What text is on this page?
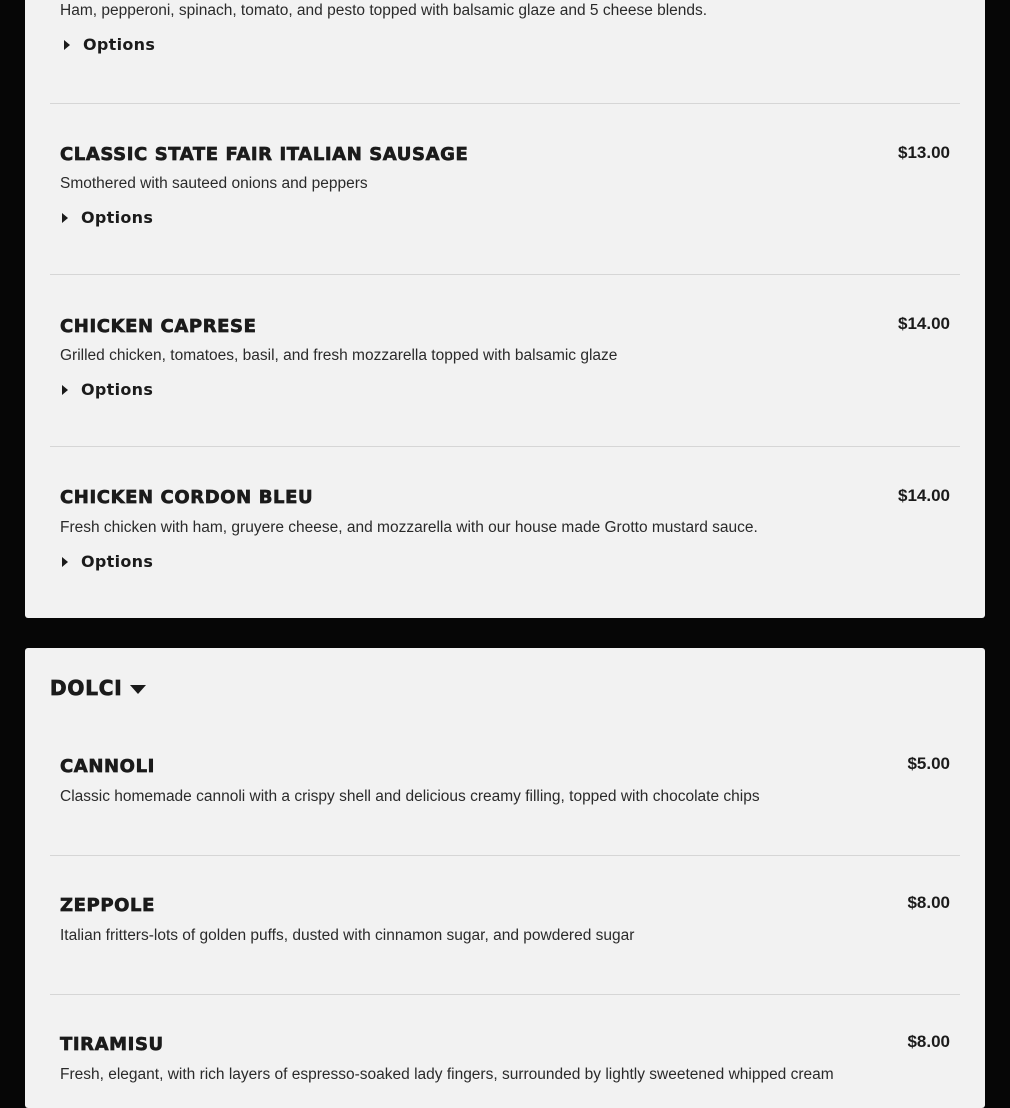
Ham, pepperoni, spinach, tomato, and pesto topped with balsamic glaze and 5 cheese blends.
Options
CLASSIC STATE FAIR ITALIAN SAUSAGE	$13.00
Smothered with sauteed onions and peppers
Options
CHICKEN CAPRESE	$14.00
Grilled chicken, tomatoes, basil, and fresh mozzarella topped with balsamic glaze
Options
CHICKEN CORDON BLEU	$14.00
Fresh chicken with ham, gruyere cheese, and mozzarella with our house made Grotto mustard sauce.
Options
DOLCI
CANNOLI	$5.00
Classic homemade cannoli with a crispy shell and delicious creamy filling, topped with chocolate chips
ZEPPOLE	$8.00
Italian fritters-lots of golden puffs, dusted with cinnamon sugar, and powdered sugar
TIRAMISU	$8.00
Fresh, elegant, with rich layers of espresso-soaked lady fingers, surrounded by lightly sweetened whipped cream
